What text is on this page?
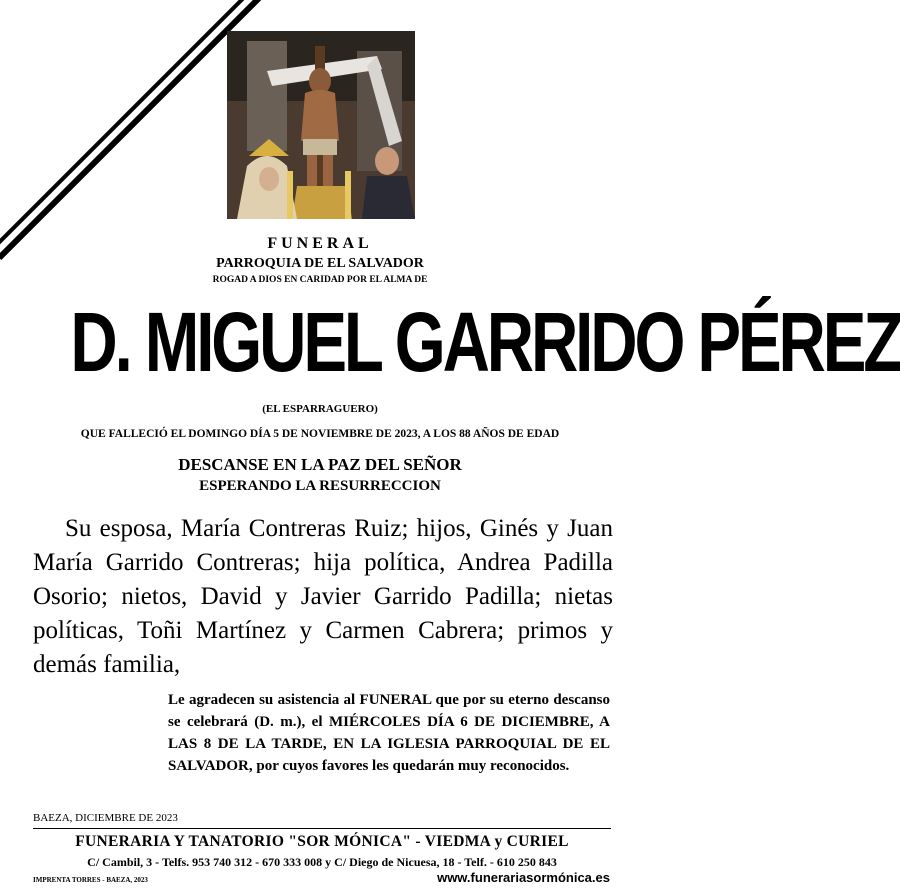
FUNERAL
PARROQUIA DE EL SALVADOR
ROGAD A DIOS EN CARIDAD POR EL ALMA DE
D. MIGUEL GARRIDO PÉREZ
(EL ESPARRAGUERO)
QUE FALLECIÓ EL DOMINGO DÍA 5 DE NOVIEMBRE DE 2023, A LOS 88 AÑOS DE EDAD
DESCANSE EN LA PAZ DEL SEÑOR
ESPERANDO LA RESURRECCION
Su esposa, María Contreras Ruiz; hijos, Ginés y Juan María Garrido Contreras; hija política, Andrea Padilla Osorio; nietos, David y Javier Garrido Padilla; nietas políticas, Toñi Martínez y Carmen Cabrera; primos y demás familia,
Le agradecen su asistencia al FUNERAL que por su eterno descanso se celebrará (D. m.), el MIÉRCOLES DÍA 6 DE DICIEMBRE, A LAS 8 DE LA TARDE, EN LA IGLESIA PARROQUIAL DE EL SALVADOR, por cuyos favores les quedarán muy reconocidos.
BAEZA, DICIEMBRE DE 2023
FUNERARIA Y TANATORIO "SOR MÓNICA" - VIEDMA y CURIEL
C/ Cambil, 3 - Telfs. 953 740 312 - 670 333 008 y C/ Diego de Nicuesa, 18 - Telf. - 610 250 843
IMPRENTA TORRES - BAEZA, 2023	www.funerariasormónica.es
